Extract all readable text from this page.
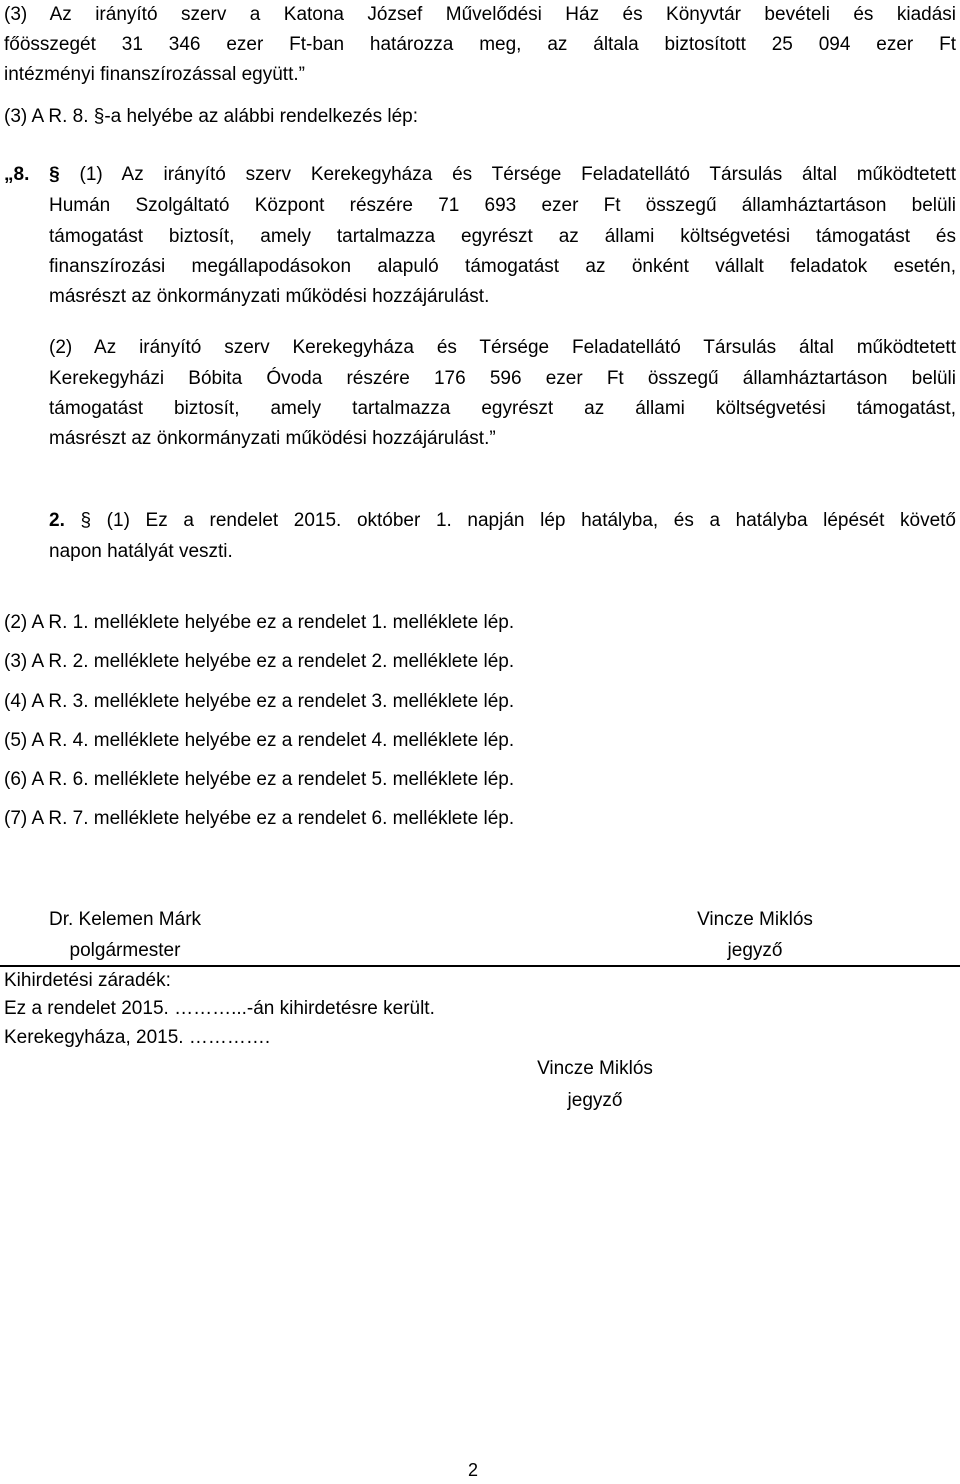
(3) Az irányító szerv a Katona József Művelődési Ház és Könyvtár bevételi és kiadási
főösszegét 31 346 ezer Ft-ban határozza meg, az általa biztosított 25 094 ezer Ft
intézményi finanszírozással együtt.”
(3) A R. 8. §-a helyébe az alábbi rendelkezés lép:
„8. § (1) Az irányító szerv Kerekegyháza és Térsége Feladatellátó Társulás által működtetett
Humán Szolgáltató Központ részére 71 693 ezer Ft összegű államháztartáson belüli
támogatást biztosít, amely tartalmazza egyrészt az állami költségvetési támogatást és
finanszírozási megállapodásokon alapuló támogatást az önként vállalt feladatok esetén,
másrészt az önkormányzati működési hozzájárulást.
(2) Az irányító szerv Kerekegyháza és Térsége Feladatellátó Társulás által működtetett
Kerekegyházi Bóbita Óvoda részére 176 596 ezer Ft összegű államháztartáson belüli
támogatást biztosít, amely tartalmazza egyrészt az állami költségvetési támogatást,
másrészt az önkormányzati működési hozzájárulást.”
2. § (1) Ez a rendelet 2015. október 1. napján lép hatályba, és a hatályba lépését követő
napon hatályát veszti.
(2) A R. 1. melléklete helyébe ez a rendelet 1. melléklete lép.
(3) A R. 2. melléklete helyébe ez a rendelet 2. melléklete lép.
(4) A R. 3. melléklete helyébe ez a rendelet 3. melléklete lép.
(5) A R. 4. melléklete helyébe ez a rendelet 4. melléklete lép.
(6) A R. 6. melléklete helyébe ez a rendelet 5. melléklete lép.
(7) A R. 7. melléklete helyébe ez a rendelet 6. melléklete lép.
Dr. Kelemen Márk
polgármester
Vincze Miklós
jegyző
Kihirdetési záradék:
Ez a rendelet 2015. ………...-án kihirdetésre került.
Kerekegyháza, 2015. ………….
Vincze Miklós
jegyző
2
